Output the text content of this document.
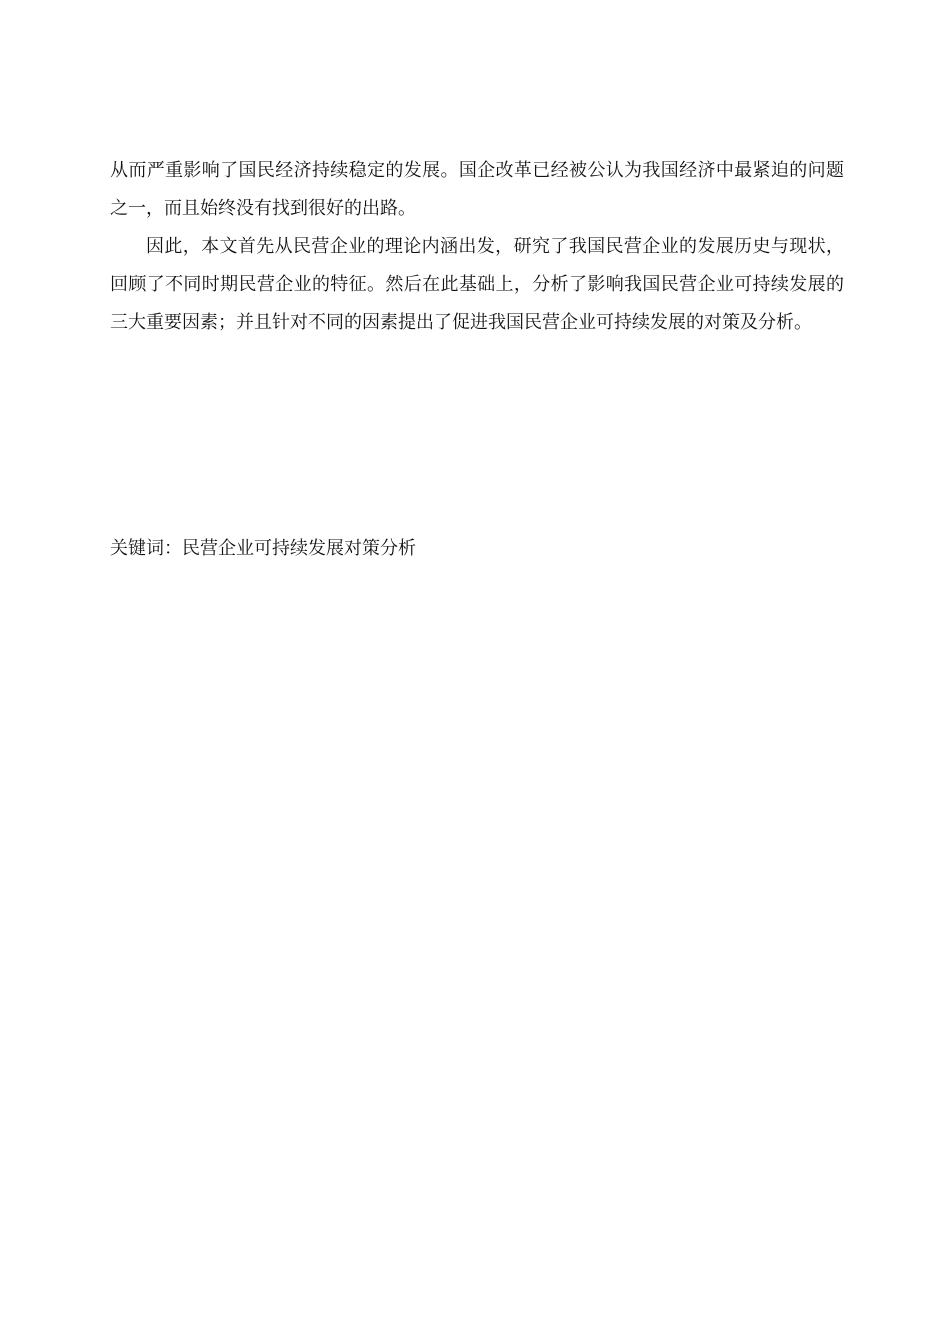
从而严重影响了国民经济持续稳定的发展。国企改革已经被公认为我国经济中最紧迫的问题之一，而且始终没有找到很好的出路。

因此，本文首先从民营企业的理论内涵出发，研究了我国民营企业的发展历史与现状，回顾了不同时期民营企业的特征。然后在此基础上，分析了影响我国民营企业可持续发展的三大重要因素；并且针对不同的因素提出了促进我国民营企业可持续发展的对策及分析。

关键词：民营企业可持续发展对策分析
